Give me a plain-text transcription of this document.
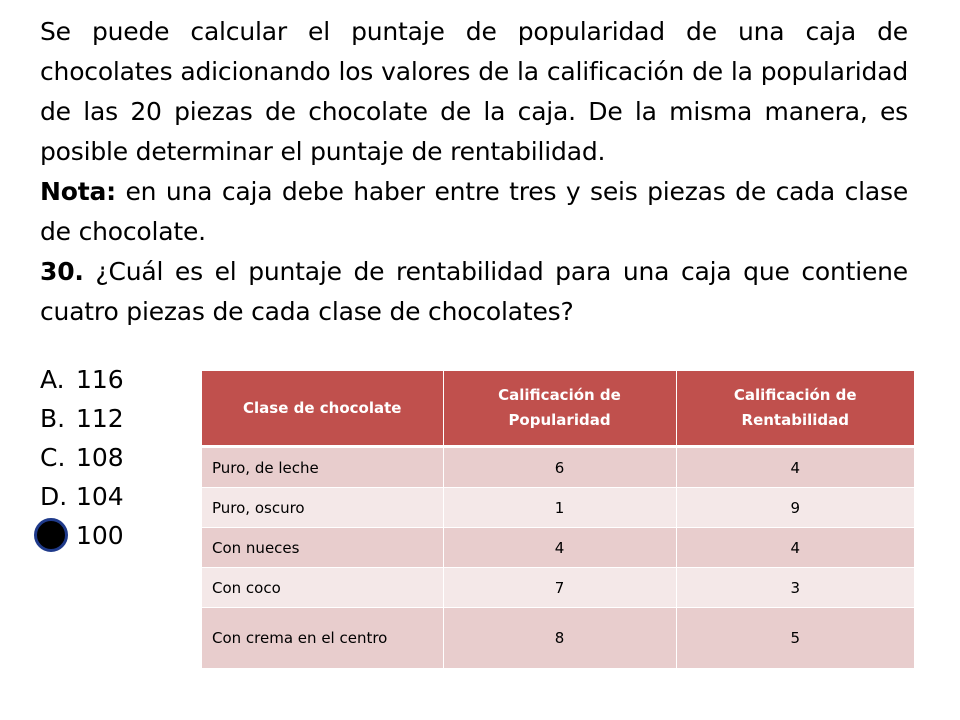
Se puede calcular el puntaje de popularidad de una caja de chocolates adicionando los valores de la calificación de la popularidad de las 20 piezas de chocolate de la caja. De la misma manera, es posible determinar el puntaje de rentabilidad.

Nota: en una caja debe haber entre tres y seis piezas de cada clase de chocolate.

30. ¿Cuál es el puntaje de rentabilidad para una caja que contiene cuatro piezas de cada clase de chocolates?

A. 116
B. 112
C. 108
D. 104
100
Clase de chocolate	Calificación de Popularidad	Calificación de Rentabilidad
Puro, de leche	6	4
Puro, oscuro	1	9
Con nueces	4	4
Con coco	7	3
Con crema en el centro	8	5
